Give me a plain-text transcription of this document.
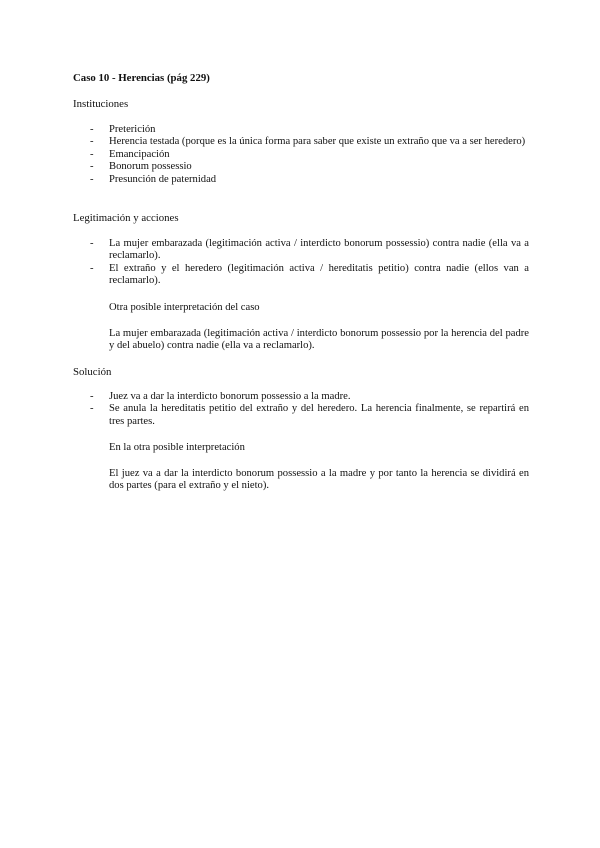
Caso 10 - Herencias (pág 229)
Instituciones
- Preterición
- Herencia testada (porque es la única forma para saber que existe un extraño que va a ser heredero)
- Emancipación
- Bonorum possessio
- Presunción de paternidad
Legitimación y acciones
- La mujer embarazada (legitimación activa / interdicto bonorum possessio) contra nadie (ella va a reclamarlo).
- El extraño y el heredero (legitimación activa / hereditatis petitio) contra nadie (ellos van a reclamarlo).
Otra posible interpretación del caso
La mujer embarazada (legitimación activa / interdicto bonorum possessio por la herencia del padre y del abuelo) contra nadie (ella va a reclamarlo).
Solución
- Juez va a dar la interdicto bonorum possessio a la madre.
- Se anula la hereditatis petitio del extraño y del heredero. La herencia finalmente, se repartirá en tres partes.
En la otra posible interpretación
El juez va a dar la interdicto bonorum possessio a la madre y por tanto la herencia se dividirá en dos partes (para el extraño y el nieto).
